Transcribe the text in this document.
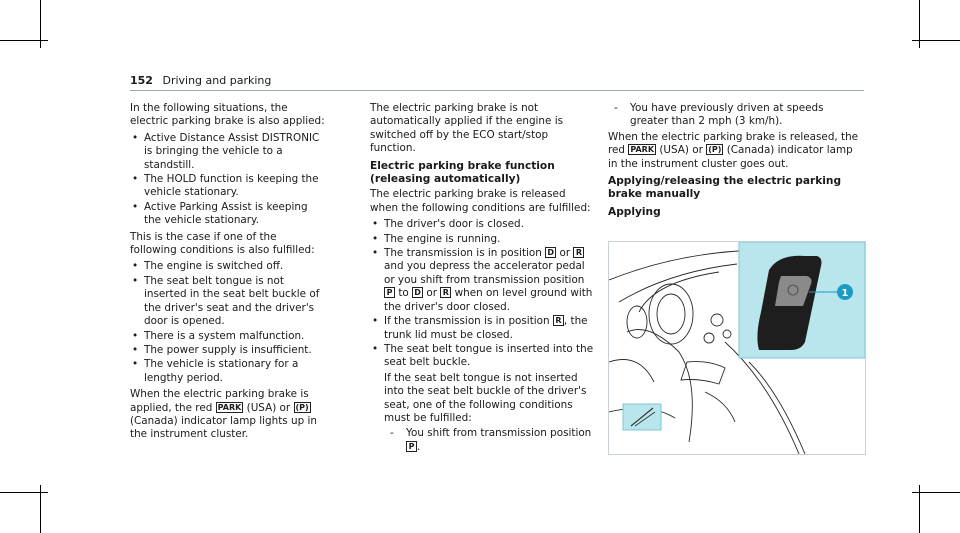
152 Driving and parking

In the following situations, the electric parking brake is also applied:

• Active Distance Assist DISTRONIC is bringing the vehicle to a standstill.
• The HOLD function is keeping the vehicle stationary.
• Active Parking Assist is keeping the vehicle stationary.

This is the case if one of the following conditions is also fulfilled:

• The engine is switched off.
• The seat belt tongue is not inserted in the seat belt buckle of the driver's seat and the driver's door is opened.
• There is a system malfunction.
• The power supply is insufficient.
• The vehicle is stationary for a lengthy period.

When the electric parking brake is applied, the red PARK (USA) or (P) (Canada) indicator lamp lights up in the instrument cluster.

The electric parking brake is not automatically applied if the engine is switched off by the ECO start/stop function.

Electric parking brake function (releasing automatically)

The electric parking brake is released when the following conditions are fulfilled:

• The driver's door is closed.
• The engine is running.
• The transmission is in position D or R and you depress the accelerator pedal or you shift from transmission position P to D or R when on level ground with the driver's door closed.
• If the transmission is in position R , the trunk lid must be closed.
• The seat belt tongue is inserted into the seat belt buckle.
If the seat belt tongue is not inserted into the seat belt buckle of the driver's seat, one of the following conditions must be fulfilled:
- You shift from transmission position P .
- You have previously driven at speeds greater than 2 mph (3 km/h).

When the electric parking brake is released, the red PARK (USA) or (P) (Canada) indicator lamp in the instrument cluster goes out.

Applying/releasing the electric parking brake manually
Applying
1
